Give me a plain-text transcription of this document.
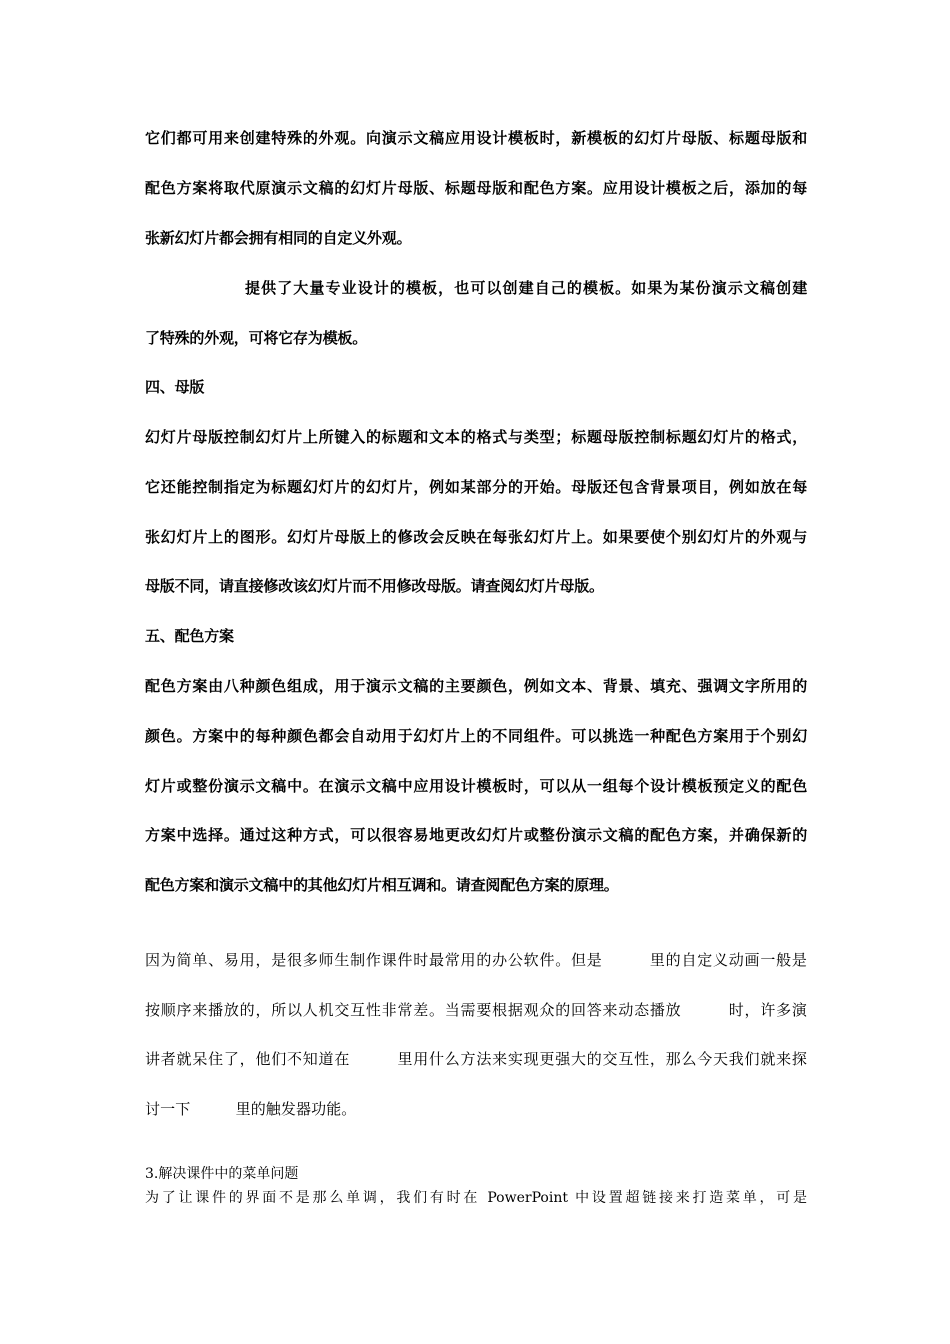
它们都可用来创建特殊的外观。向演示文稿应用设计模板时，新模板的幻灯片母版、标题母版和
配色方案将取代原演示文稿的幻灯片母版、标题母版和配色方案。应用设计模板之后，添加的每
张新幻灯片都会拥有相同的自定义外观。
提供了大量专业设计的模板，也可以创建自己的模板。如果为某份演示文稿创建
了特殊的外观，可将它存为模板。
四、母版
幻灯片母版控制幻灯片上所键入的标题和文本的格式与类型；标题母版控制标题幻灯片的格式，
它还能控制指定为标题幻灯片的幻灯片，例如某部分的开始。母版还包含背景项目，例如放在每
张幻灯片上的图形。幻灯片母版上的修改会反映在每张幻灯片上。如果要使个别幻灯片的外观与
母版不同，请直接修改该幻灯片而不用修改母版。请查阅幻灯片母版。
五、配色方案
配色方案由八种颜色组成，用于演示文稿的主要颜色，例如文本、背景、填充、强调文字所用的
颜色。方案中的每种颜色都会自动用于幻灯片上的不同组件。可以挑选一种配色方案用于个别幻
灯片或整份演示文稿中。在演示文稿中应用设计模板时，可以从一组每个设计模板预定义的配色
方案中选择。通过这种方式，可以很容易地更改幻灯片或整份演示文稿的配色方案，并确保新的
配色方案和演示文稿中的其他幻灯片相互调和。请查阅配色方案的原理。
因为简单、易用，是很多师生制作课件时最常用的办公软件。但是　　　里的自定义动画一般是
按顺序来播放的，所以人机交互性非常差。当需要根据观众的回答来动态播放　　　时，许多演
讲者就呆住了，他们不知道在　　　里用什么方法来实现更强大的交互性，那么今天我们就来探
讨一下　　　里的触发器功能。
3.解决课件中的菜单问题
为了让课件的界面不是那么单调，我们有时在 PowerPoint 中设置超链接来打造菜单，可是
